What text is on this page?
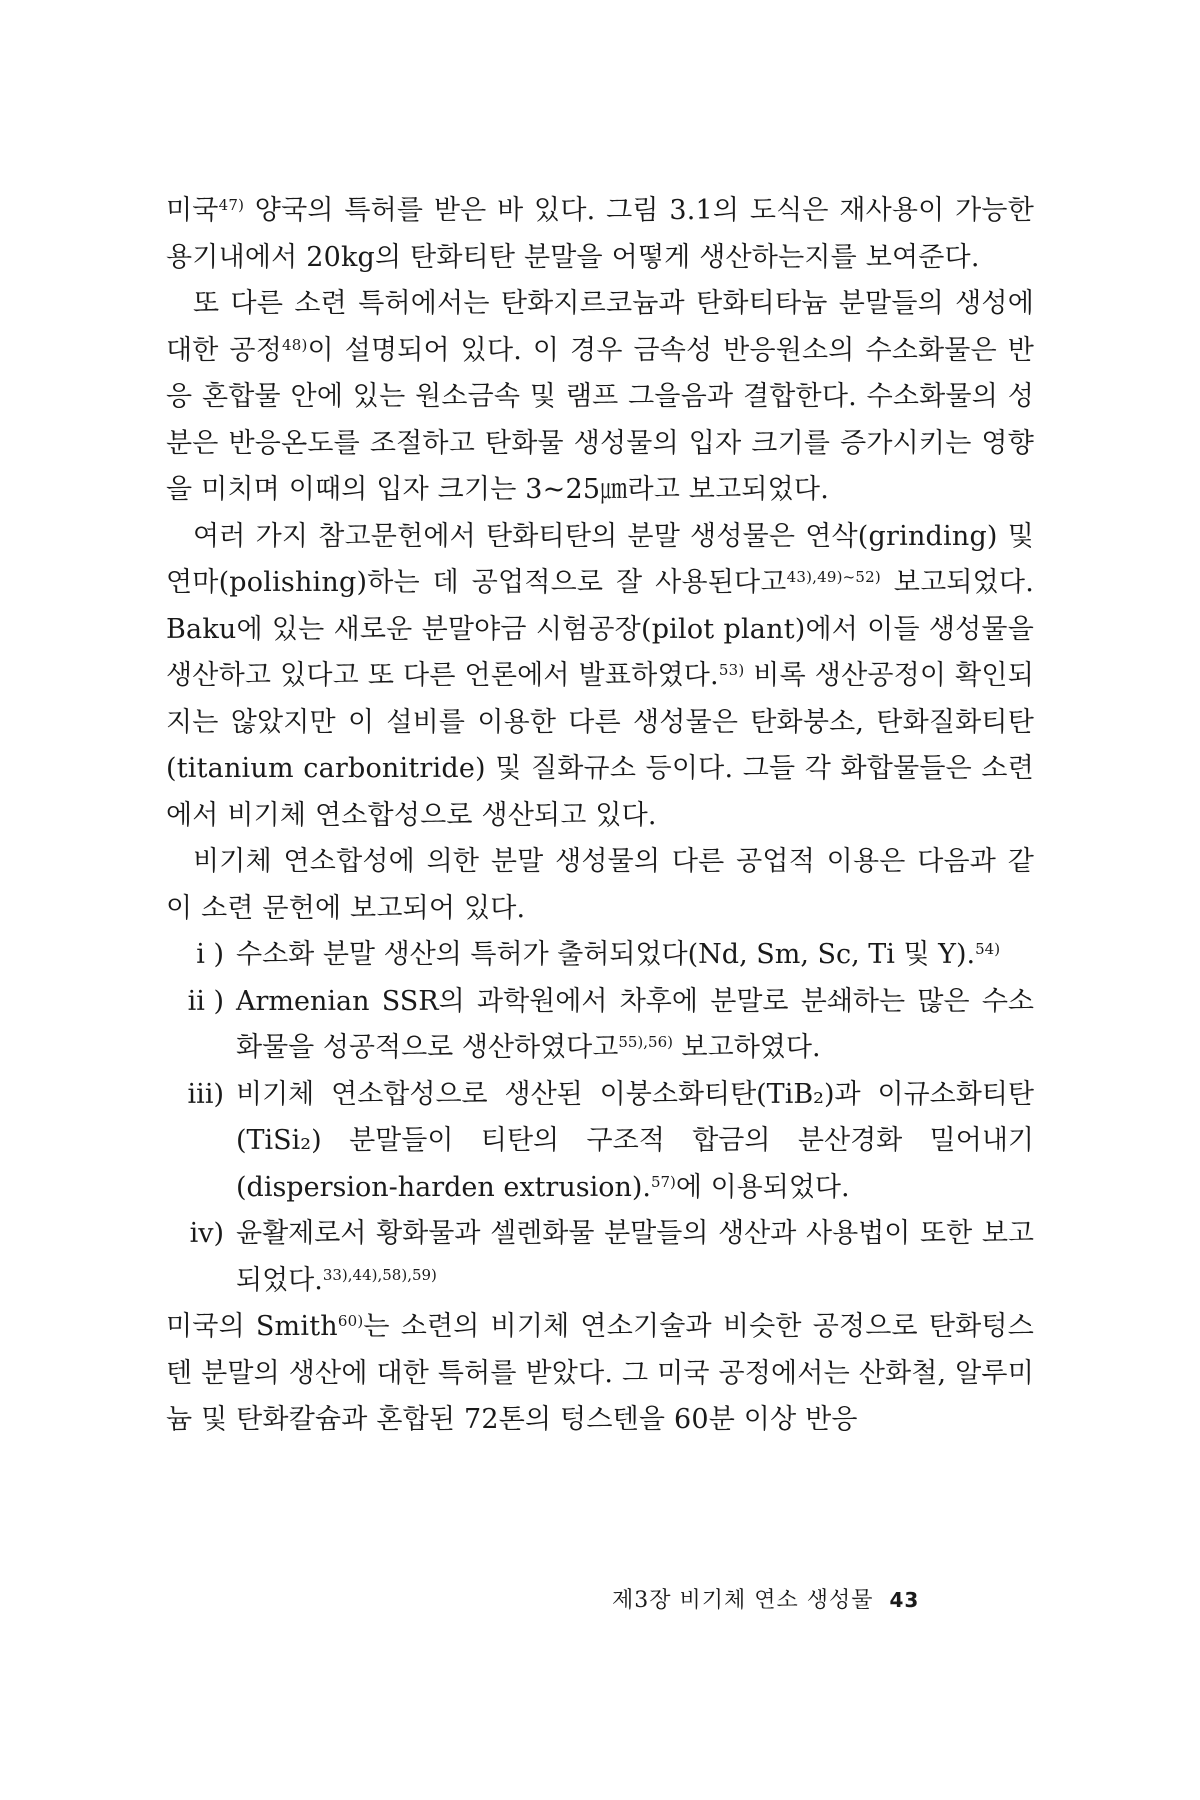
미국$^{47)}$ 양국의 특허를 받은 바 있다. 그림 3.1의 도식은 재사용이 가능한 용기내에서 20kg의 탄화티탄 분말을 어떻게 생산하는지를 보여준다.

또 다른 소련 특허에서는 탄화지르코늄과 탄화티타늄 분말들의 생성에 대한 공정$^{48)}$이 설명되어 있다. 이 경우 금속성 반응원소의 수소화물은 반응 혼합물 안에 있는 원소금속 및 램프 그을음과 결합한다. 수소화물의 성분은 반응온도를 조절하고 탄화물 생성물의 입자 크기를 증가시키는 영향을 미치며 이때의 입자 크기는 3~25㎛라고 보고되었다.

여러 가지 참고문헌에서 탄화티탄의 분말 생성물은 연삭(grinding) 및 연마(polishing)하는 데 공업적으로 잘 사용된다고$^{43),49)\sim 52)}$ 보고되었다. Baku에 있는 새로운 분말야금 시험공장(pilot plant)에서 이들 생성물을 생산하고 있다고 또 다른 언론에서 발표하였다.$^{53)}$ 비록 생산공정이 확인되지는 않았지만 이 설비를 이용한 다른 생성물은 탄화붕소, 탄화질화티탄(titanium carbonitride) 및 질화규소 등이다. 그들 각 화합물들은 소련에서 비기체 연소합성으로 생산되고 있다.

비기체 연소합성에 의한 분말 생성물의 다른 공업적 이용은 다음과 같이 소련 문헌에 보고되어 있다.

i ) 수소화 분말 생산의 특허가 출허되었다(Nd, Sm, Sc, Ti 및 Y).$^{54)}$
ii ) Armenian SSR의 과학원에서 차후에 분말로 분쇄하는 많은 수소화물을 성공적으로 생산하였다고$^{55),56)}$ 보고하였다.
iii) 비기체 연소합성으로 생산된 이붕소화티탄(TiB₂)과 이규소화티탄(TiSi₂) 분말들이 티탄의 구조적 합금의 분산경화 밀어내기(dispersion-harden extrusion).$^{57)}$에 이용되었다.
iv) 윤활제로서 황화물과 셀렌화물 분말들의 생산과 사용법이 또한 보고되었다.$^{33),44),58),59)}$

미국의 Smith$^{60)}$는 소련의 비기체 연소기술과 비슷한 공정으로 탄화텅스텐 분말의 생산에 대한 특허를 받았다. 그 미국 공정에서는 산화철, 알루미늄 및 탄화칼슘과 혼합된 72톤의 텅스텐을 60분 이상 반응

제3장 비기체 연소 생성물 43
